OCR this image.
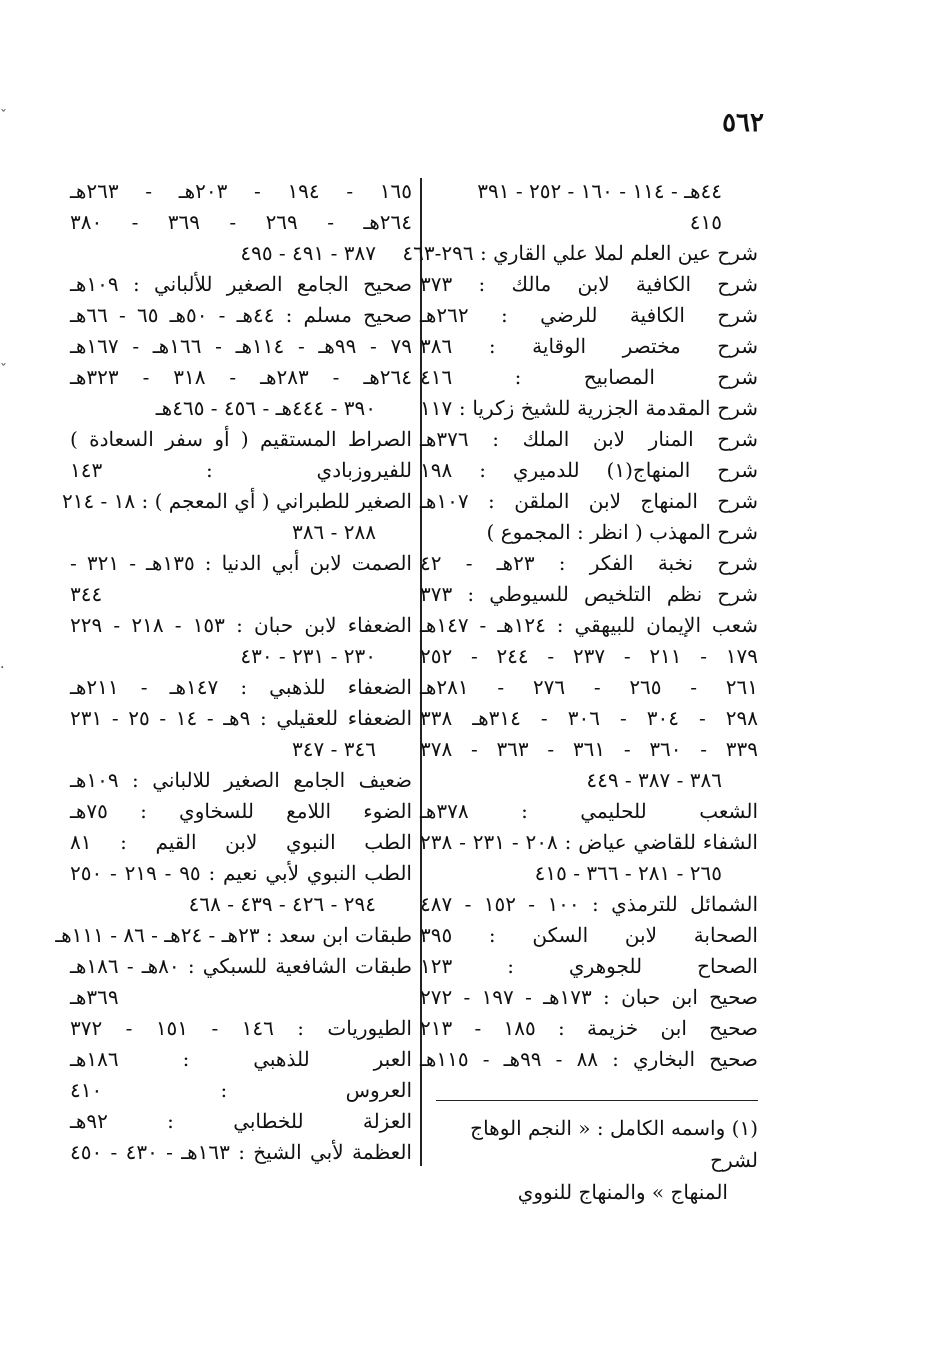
٥٦٢
٤٤هـ - ١١٤ - ١٦٠ - ٢٥٢ - ٣٩١
٤١٥
شرح عين العلم لملا علي القاري : ٢٩٦-٤٦٣
شرح الكافية لابن مالك : ٣٧٣
شرح الكافية للرضي : ٢٦٢هـ
شرح مختصر الوقاية : ٣٨٦
شرح المصابيح : ٤١٦
شرح المقدمة الجزرية للشيخ زكريا : ١١٧
شرح المنار لابن الملك : ٣٧٦هـ
شرح المنهاج(١) للدميري : ١٩٨
شرح المنهاج لابن الملقن : ١٠٧هـ
شرح المهذب ( انظر : المجموع )
شرح نخبة الفكر : ٢٣هـ - ٤٢
شرح نظم التلخيص للسيوطي : ٣٧٣
شعب الإيمان للبيهقي : ١٢٤هـ - ١٤٧هـ
١٧٩ - ٢١١ - ٢٣٧ - ٢٤٤ - ٢٥٢
٢٦١ - ٢٦٥ - ٢٧٦ - ٢٨١هـ
٢٩٨ - ٣٠٤ - ٣٠٦ - ٣١٤هـ ٣٣٨
٣٣٩ - ٣٦٠ - ٣٦١ - ٣٦٣ - ٣٧٨
٣٨٦ - ٣٨٧ - ٤٤٩
الشعب للحليمي : ٣٧٨هـ
الشفاء للقاضي عياض : ٢٠٨ - ٢٣١ - ٢٣٨
٢٦٥ - ٢٨١ - ٣٦٦ - ٤١٥
الشمائل للترمذي : ١٠٠ - ١٥٢ - ٤٨٧
الصحابة لابن السكن : ٣٩٥
الصحاح للجوهري : ١٢٣
صحيح ابن حبان : ١٧٣هـ - ١٩٧ - ٢٧٢
صحيح ابن خزيمة : ١٨٥ - ٢١٣
صحيح البخاري : ٨٨ - ٩٩هـ - ١١٥هـ
١٦٥ - ١٩٤ - ٢٠٣هـ - ٢٦٣هـ
٢٦٤هـ - ٢٦٩ - ٣٦٩ - ٣٨٠
٣٨٧ - ٤٩١ - ٤٩٥
صحيح الجامع الصغير للألباني : ١٠٩هـ
صحيح مسلم : ٤٤هـ - ٥٠هـ ٦٥ - ٦٦هـ
٧٩ - ٩٩هـ - ١١٤هـ - ١٦٦هـ - ١٦٧هـ
٢٦٤هـ - ٢٨٣هـ - ٣١٨ - ٣٢٣هـ
٣٩٠ - ٤٤٤هـ - ٤٥٦ - ٤٦٥هـ
الصراط المستقيم ( أو سفر السعادة )
للفيروزبادي : ١٤٣
الصغير للطبراني ( أي المعجم ) : ١٨ - ٢١٤
٢٨٨ - ٣٨٦
الصمت لابن أبي الدنيا : ١٣٥هـ - ٣٢١ -
٣٤٤
الضعفاء لابن حبان : ١٥٣ - ٢١٨ - ٢٢٩
٢٣٠ - ٢٣١ - ٤٣٠
الضعفاء للذهبي : ١٤٧هـ - ٢١١هـ
الضعفاء للعقيلي : ٩هـ - ١٤ - ٢٥ - ٢٣١
٣٤٦ - ٣٤٧
ضعيف الجامع الصغير للالباني : ١٠٩هـ
الضوء اللامع للسخاوي : ٧٥هـ
الطب النبوي لابن القيم : ٨١
الطب النبوي لأبي نعيم : ٩٥ - ٢١٩ - ٢٥٠
٢٩٤ - ٤٢٦ - ٤٣٩ - ٤٦٨
طبقات ابن سعد : ٢٣هـ - ٢٤هـ - ٨٦ - ١١١هـ
طبقات الشافعية للسبكي : ٨٠هـ - ١٨٦هـ
٣٦٩هـ
الطيوريات : ١٤٦ - ١٥١ - ٣٧٢
العبر للذهبي : ١٨٦هـ
العروس : ٤١٠
العزلة للخطابي : ٩٢هـ
العظمة لأبي الشيخ : ١٦٣هـ - ٤٣٠ - ٤٥٠
(١) واسمه الكامل : « النجم الوهاج لشرح
المنهاج » والمنهاج للنووي
ˇ
ˇ
·
